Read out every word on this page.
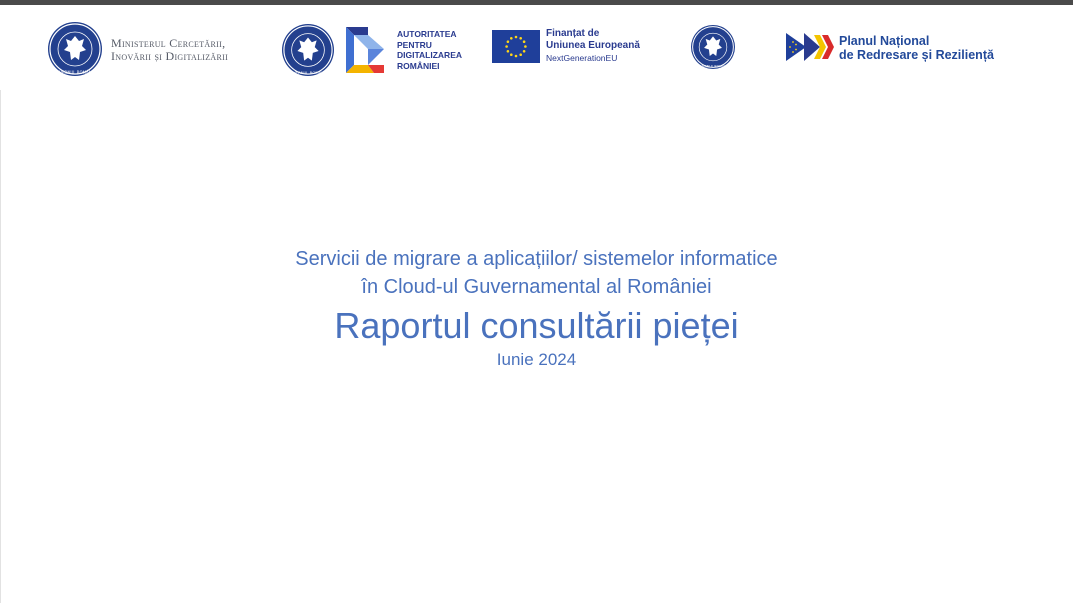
GUVERNUL ROMÂNIEI
Ministerul Cercetării,
Inovării și Digitalizării
GUVERNUL ROMÂNIEI
AUTORITATEA
PENTRU
DIGITALIZAREA
ROMÂNIEI
Finanțat de
Uniunea Europeană
NextGenerationEU
GUVERNUL ROMÂNIEI
Planul Național
de Redresare și Reziliență
Servicii de migrare a aplicațiilor/ sistemelor informatice
în Cloud-ul Guvernamental al României
Raportul consultării pieței
Iunie 2024
